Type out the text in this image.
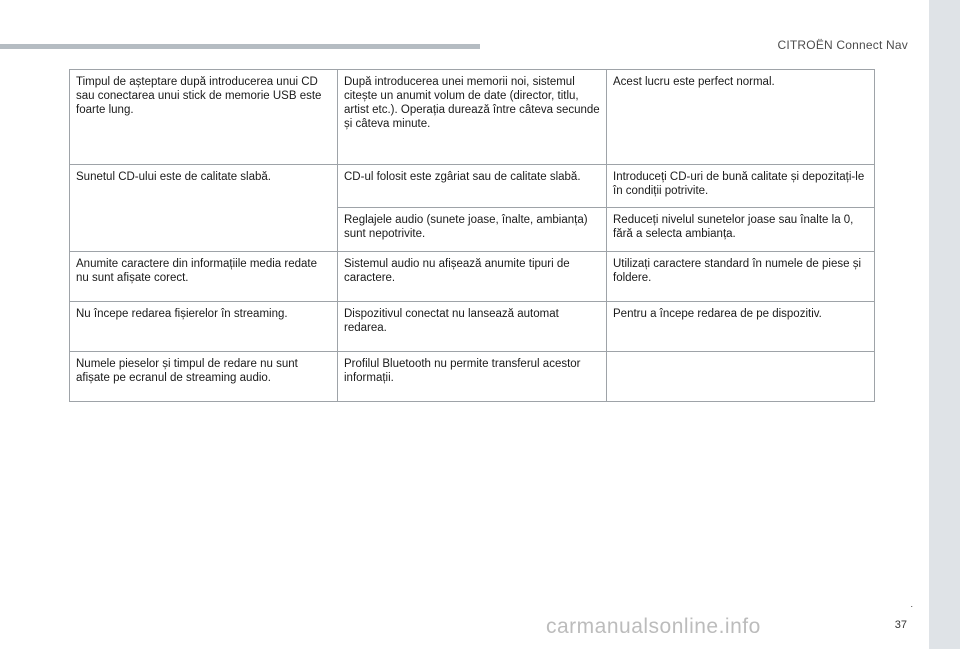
CITROËN Connect Nav
.
37
carmanualsonline.info
Timpul de așteptare după introducerea unui CD sau conectarea unui stick de memorie USB este foarte lung.	După introducerea unei memorii noi, sistemul citește un anumit volum de date (director, titlu, artist etc.). Operația durează între câteva secunde și câteva minute.	Acest lucru este perfect normal.
Sunetul CD-ului este de calitate slabă.	CD-ul folosit este zgâriat sau de calitate slabă.	Introduceți CD-uri de bună calitate și depozitați-le în condiții potrivite.
	Reglajele audio (sunete joase, înalte, ambianța) sunt nepotrivite.	Reduceți nivelul sunetelor joase sau înalte la 0, fără a selecta ambianța.
Anumite caractere din informațiile media redate nu sunt afișate corect.	Sistemul audio nu afișează anumite tipuri de caractere.	Utilizați caractere standard în numele de piese și foldere.
Nu începe redarea fișierelor în streaming.	Dispozitivul conectat nu lansează automat redarea.	Pentru a începe redarea de pe dispozitiv.
Numele pieselor și timpul de redare nu sunt afișate pe ecranul de streaming audio.	Profilul Bluetooth nu permite transferul acestor informații.	
